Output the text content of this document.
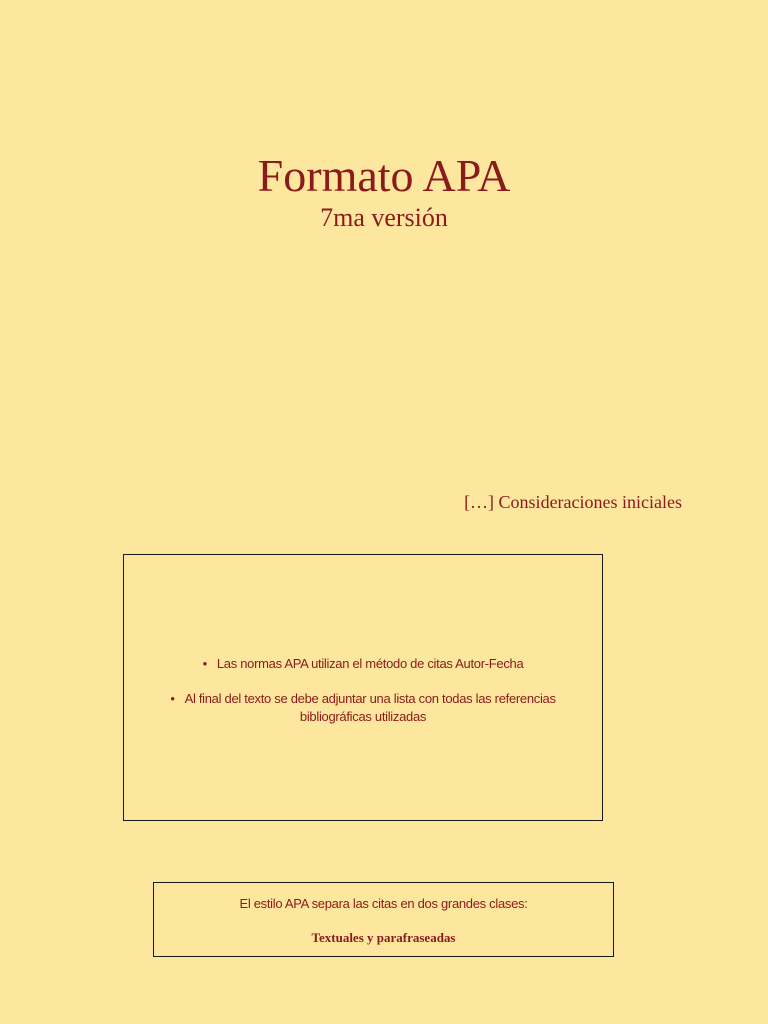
Formato APA
7ma versión
[…] Consideraciones iniciales
• Las normas APA utilizan el método de citas Autor-Fecha
• Al final del texto se debe adjuntar una lista con todas las referencias bibliográficas utilizadas
El estilo APA separa las citas en dos grandes clases:
Textuales y parafraseadas
